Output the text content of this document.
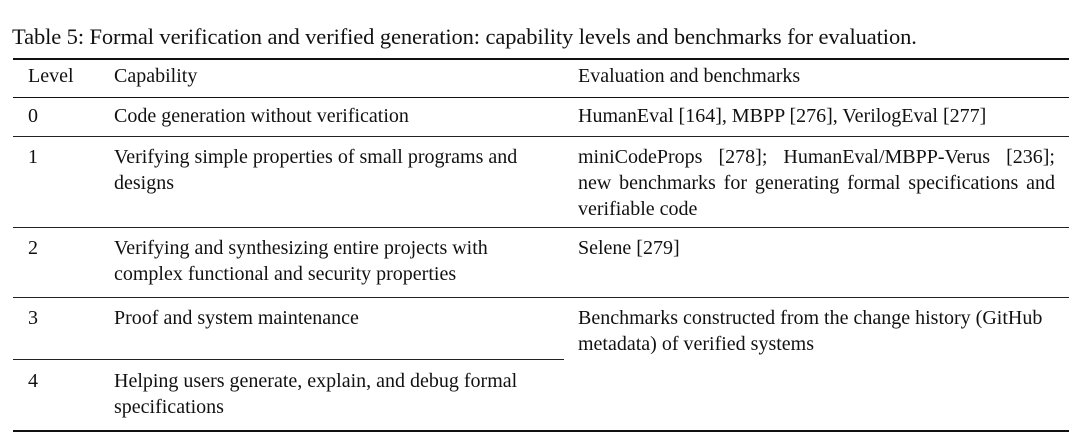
Table 5: Formal verification and verified generation: capability levels and benchmarks for evaluation.
Level	Capability	Evaluation and benchmarks
0	Code generation without verification	HumanEval [164], MBPP [276], VerilogEval [277]
1	Verifying simple properties of small programs and designs	miniCodeProps [278]; HumanEval/MBPP-Verus [236]; new benchmarks for generating formal specifications and verifiable code
2	Verifying and synthesizing entire projects with complex functional and security properties	Selene [279]
3	Proof and system maintenance	Benchmarks constructed from the change history (GitHub metadata) of verified systems
4	Helping users generate, explain, and debug formal specifications	
